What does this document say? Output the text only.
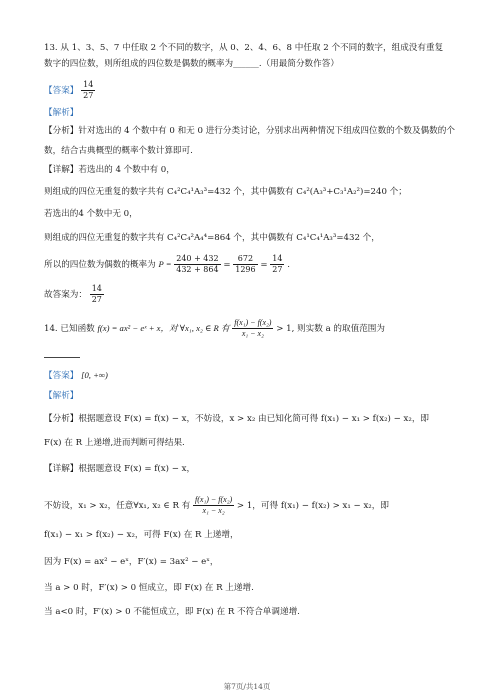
13. 从 1、3、5、7 中任取 2 个不同的数字，从 0、2、4、6、8 中任取 2 个不同的数字，组成没有重复
数字的四位数，则所组成的四位数是偶数的概率为______.（用最简分数作答）
【答案】 $\frac{14}{27}$
【解析】
【分析】针对选出的 4 个数中有 0 和无 0 进行分类讨论，分别求出两种情况下组成四位数的个数及偶数的个
数，结合古典概型的概率个数计算即可.
【详解】若选出的 4 个数中有 0，
则组成的四位无重复的数字共有 C₄²C₄¹A₃³=432 个，其中偶数有 C₄²(A₃³+C₃¹A₂²)=240 个；
若选出的4 个数中无 0，
则组成的四位无重复的数字共有 C₄²C₄²A₄⁴=864 个，其中偶数有 C₄¹C₄¹A₃³=432 个，
所以的四位数为偶数的概率为 $P = \frac{240 + 432}{432 + 864} = \frac{672}{1296} = \frac{14}{27}$ .
故答案为： $\frac{14}{27}$
14. 已知函数 f(x) = ax² − eˣ + x，对 ∀x₁, x₂ ∈ R 有 $\frac{\text{f(x₁) − f(x₂)}}{\text{x₁ − x₂}} > 1$, 则实数 a 的取值范围为
【答案】 [0, +∞)
【解析】
【分析】根据题意设 F(x) = f(x) − x，不妨设，x > x₂ 由已知化简可得 f(x₁) − x₁ > f(x₂) − x₂，即
F(x) 在 R 上递增,进而判断可得结果.
【详解】根据题意设 F(x) = f(x) − x，
不妨设，x₁ > x₂，任意∀x₁, x₂ ∈ R 有 $\frac{\text{f(x₁) − f(x₂)}}{\text{x₁ − x₂}} > 1$，可得 f(x₁) − f(x₂) > x₁ − x₂，即
f(x₁) − x₁ > f(x₂) − x₂，可得 F(x) 在 R 上递增，
因为 F(x) = ax² − eˣ，F′(x) = 3ax² − eˣ，
当 a > 0 时，F′(x) > 0 恒成立，即 F(x) 在 R 上递增.
当 a<0 时，F′(x) > 0 不能恒成立，即 F(x) 在 R 不符合单调递增.
第7页/共14页
